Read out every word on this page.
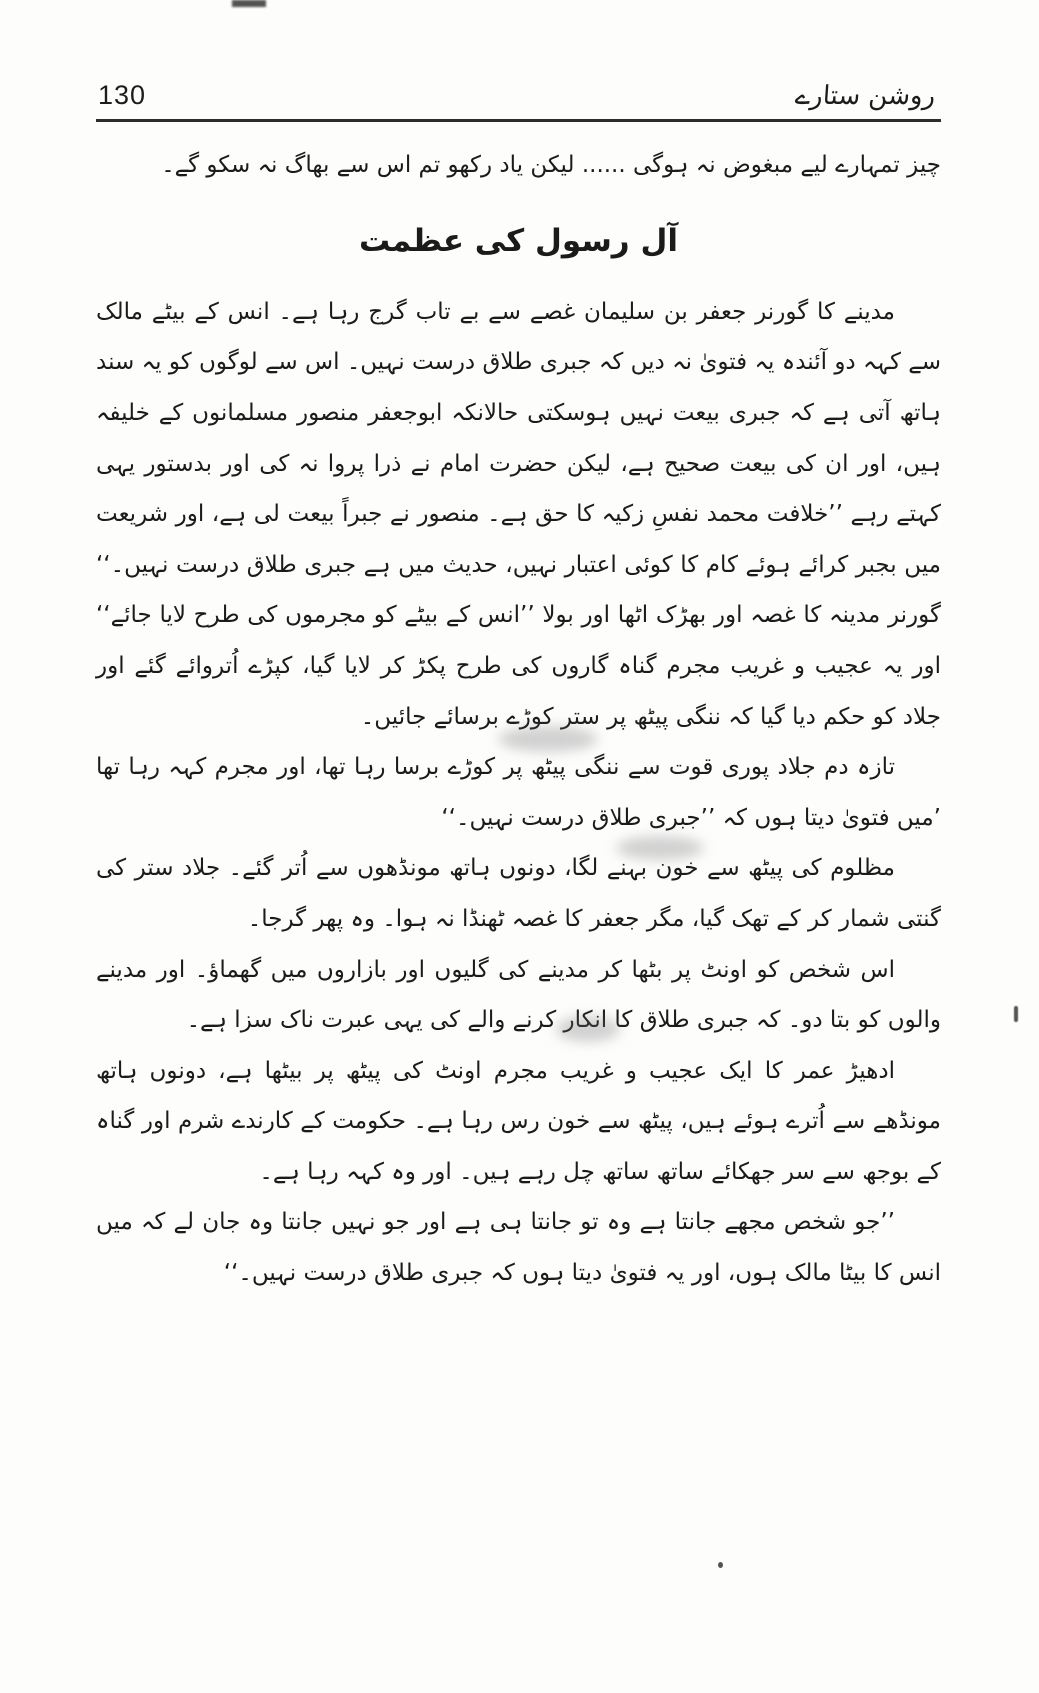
130	روشن ستارے

چیز تمہارے لیے مبغوض نہ ہوگی ...... لیکن یاد رکھو تم اس سے بھاگ نہ سکو گے۔

آل رسول کی عظمت

مدینے کا گورنر جعفر بن سلیمان غصے سے بے تاب گرج رہا ہے۔ انس کے بیٹے مالک سے کہہ دو آئندہ یہ فتویٰ نہ دیں کہ جبری طلاق درست نہیں۔ اس سے لوگوں کو یہ سند ہاتھ آتی ہے کہ جبری بیعت نہیں ہوسکتی حالانکہ ابوجعفر منصور مسلمانوں کے خلیفہ ہیں، اور ان کی بیعت صحیح ہے، لیکن حضرت امام نے ذرا پروا نہ کی اور بدستور یہی کہتے رہے ’’خلافت محمد نفسِ زکیہ کا حق ہے۔ منصور نے جبراً بیعت لی ہے، اور شریعت میں بجبر کرائے ہوئے کام کا کوئی اعتبار نہیں، حدیث میں ہے جبری طلاق درست نہیں۔‘‘ گورنر مدینہ کا غصہ اور بھڑک اٹھا اور بولا ’’انس کے بیٹے کو مجرموں کی طرح لایا جائے‘‘ اور یہ عجیب و غریب مجرم گناہ گاروں کی طرح پکڑ کر لایا گیا، کپڑے اُتروائے گئے اور جلاد کو حکم دیا گیا کہ ننگی پیٹھ پر ستر کوڑے برسائے جائیں۔

تازہ دم جلاد پوری قوت سے ننگی پیٹھ پر کوڑے برسا رہا تھا، اور مجرم کہہ رہا تھا ’میں فتویٰ دیتا ہوں کہ ’’جبری طلاق درست نہیں۔‘‘

مظلوم کی پیٹھ سے خون بہنے لگا، دونوں ہاتھ مونڈھوں سے اُتر گئے۔ جلاد ستر کی گنتی شمار کر کے تھک گیا، مگر جعفر کا غصہ ٹھنڈا نہ ہوا۔ وہ پھر گرجا۔

اس شخص کو اونٹ پر بٹھا کر مدینے کی گلیوں اور بازاروں میں گھماؤ۔ اور مدینے والوں کو بتا دو۔ کہ جبری طلاق کا انکار کرنے والے کی یہی عبرت ناک سزا ہے۔

ادھیڑ عمر کا ایک عجیب و غریب مجرم اونٹ کی پیٹھ پر بیٹھا ہے، دونوں ہاتھ مونڈھے سے اُترے ہوئے ہیں، پیٹھ سے خون رس رہا ہے۔ حکومت کے کارندے شرم اور گناہ کے بوجھ سے سر جھکائے ساتھ ساتھ چل رہے ہیں۔ اور وہ کہہ رہا ہے۔

’’جو شخص مجھے جانتا ہے وہ تو جانتا ہی ہے اور جو نہیں جانتا وہ جان لے کہ میں انس کا بیٹا مالک ہوں، اور یہ فتویٰ دیتا ہوں کہ جبری طلاق درست نہیں۔‘‘
